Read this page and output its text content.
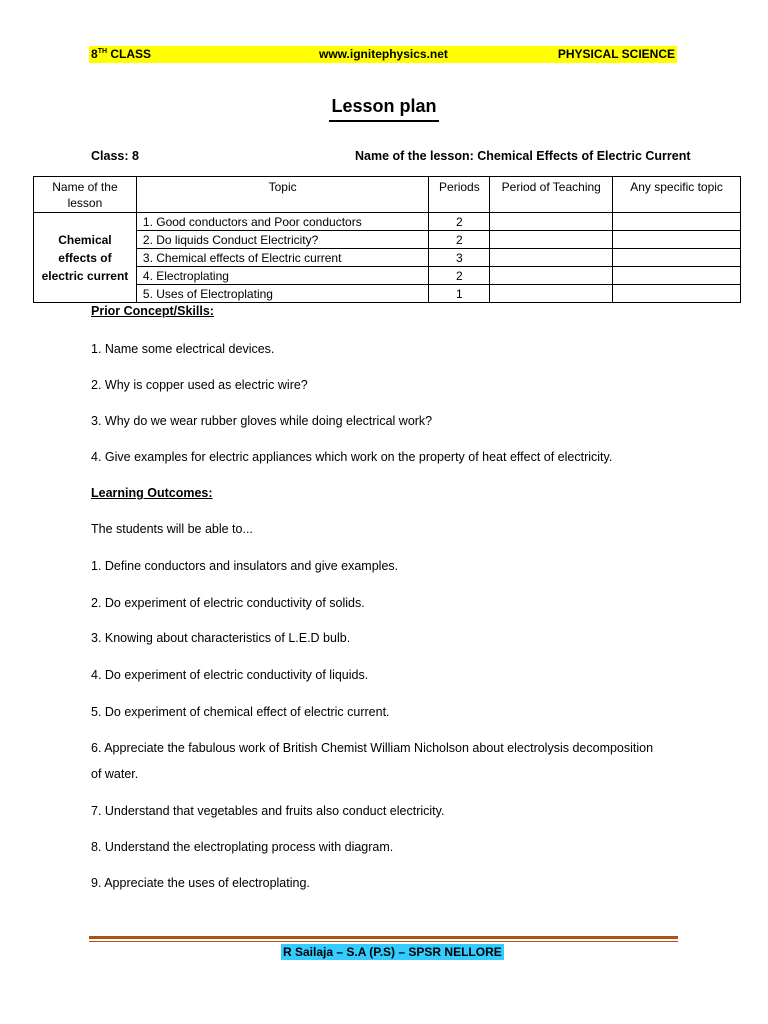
8TH CLASS	www.ignitephysics.net	PHYSICAL SCIENCE
Lesson plan
Class: 8	Name of the lesson: Chemical Effects of Electric Current
Name of the lesson	Topic	Periods	Period of Teaching	Any specific topic
Chemical effects of electric current	1. Good conductors and Poor conductors	2		
	2. Do liquids Conduct Electricity?	2		
	3. Chemical effects of Electric current	3		
	4. Electroplating	2		
	5. Uses of Electroplating	1		
Prior Concept/Skills:
1. Name some electrical devices.
2. Why is copper used as electric wire?
3. Why do we wear rubber gloves while doing electrical work?
4. Give examples for electric appliances which work on the property of heat effect of electricity.
Learning Outcomes:
The students will be able to...
1. Define conductors and insulators and give examples.
2. Do experiment of electric conductivity of solids.
3. Knowing about characteristics of L.E.D bulb.
4. Do experiment of electric conductivity of liquids.
5. Do experiment of chemical effect of electric current.
6. Appreciate the fabulous work of British Chemist William Nicholson about electrolysis decomposition
of water.
7. Understand that vegetables and fruits also conduct electricity.
8. Understand the electroplating process with diagram.
9. Appreciate the uses of electroplating.
R Sailaja – S.A (P.S) – SPSR NELLORE
